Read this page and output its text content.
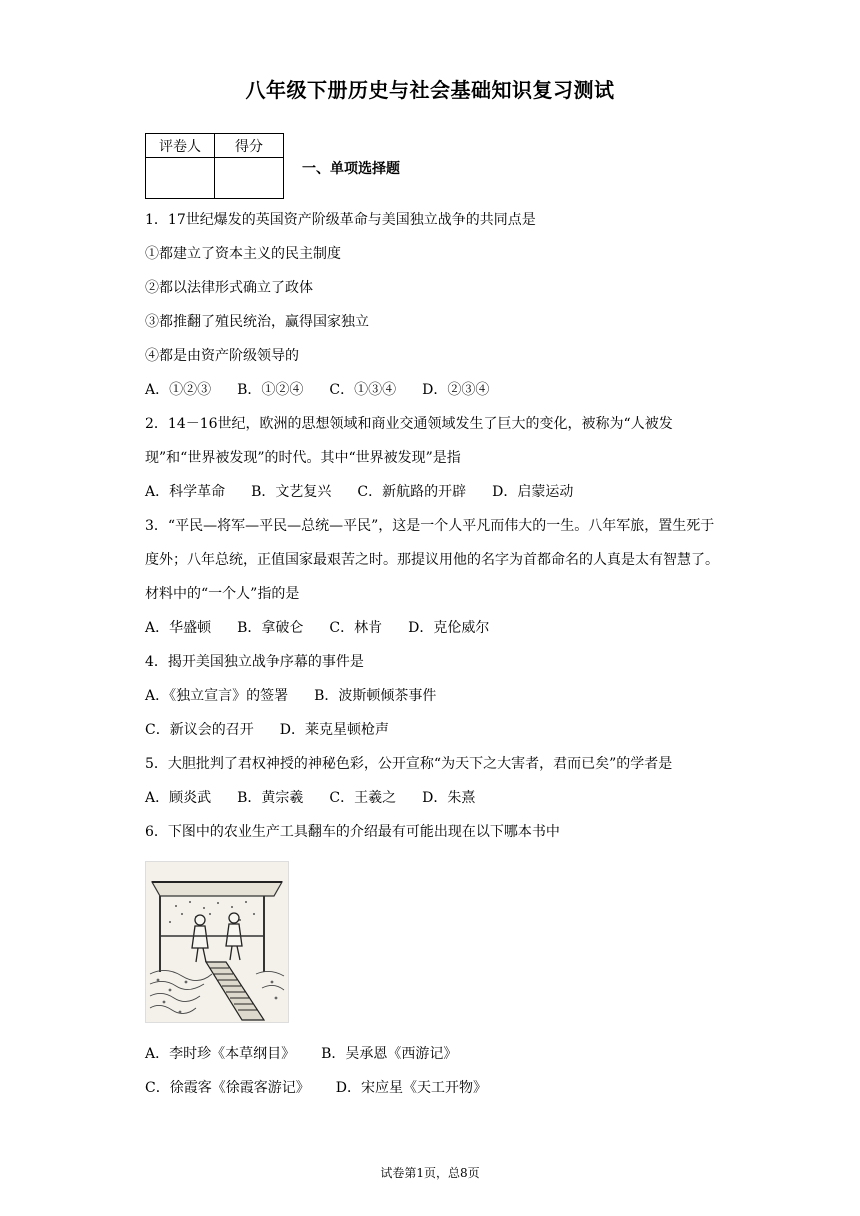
八年级下册历史与社会基础知识复习测试
评卷人	得分

一、单项选择题

1．17世纪爆发的英国资产阶级革命与美国独立战争的共同点是

①都建立了资本主义的民主制度

②都以法律形式确立了政体

③都推翻了殖民统治，赢得国家独立

④都是由资产阶级领导的

A．①②③ B．①②④ C．①③④ D．②③④

2．14－16世纪，欧洲的思想领域和商业交通领域发生了巨大的变化，被称为“人被发现”和“世界被发现”的时代。其中“世界被发现”是指

A．科学革命 B．文艺复兴 C．新航路的开辟 D．启蒙运动

3．“平民—将军—平民—总统—平民”，这是一个人平凡而伟大的一生。八年军旅，置生死于度外；八年总统，正值国家最艰苦之时。那提议用他的名字为首都命名的人真是太有智慧了。材料中的“一个人”指的是

A．华盛顿 B．拿破仑 C．林肯 D．克伦威尔

4．揭开美国独立战争序幕的事件是

A．《独立宣言》的签署 B．波斯顿倾茶事件

C．新议会的召开 D．莱克星顿枪声

5．大胆批判了君权神授的神秘色彩，公开宣称“为天下之大害者，君而已矣”的学者是

A．顾炎武 B．黄宗羲 C．王羲之 D．朱熹

6．下图中的农业生产工具翻车的介绍最有可能出现在以下哪本书中

A．李时珍《本草纲目》 B．吴承恩《西游记》

C．徐霞客《徐霞客游记》 D．宋应星《天工开物》

试卷第1页，总8页
